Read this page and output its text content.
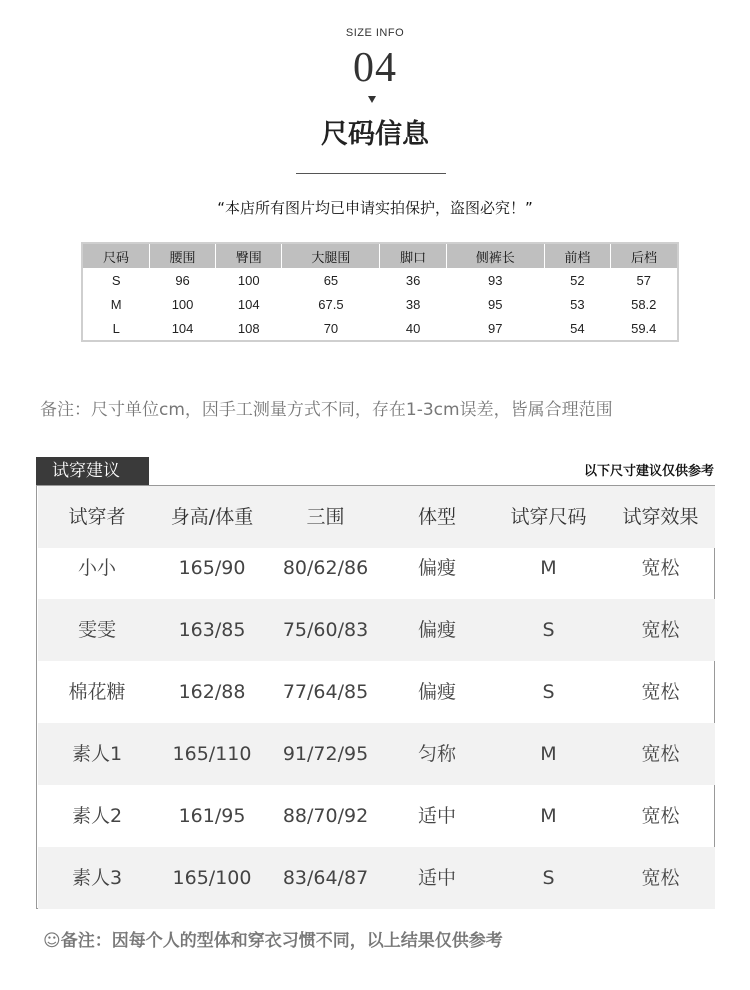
SIZE INFO
04
尺码信息
“本店所有图片均已申请实拍保护，盗图必究！”
尺码	腰围	臀围	大腿围	脚口	侧裤长	前档	后档
S	96	100	65	36	93	52	57
M	100	104	67.5	38	95	53	58.2
L	104	108	70	40	97	54	59.4
备注：尺寸单位cm，因手工测量方式不同，存在1-3cm误差，皆属合理范围
试穿建议	以下尺寸建议仅供参考
试穿者	身高/体重	三围	体型	试穿尺码	试穿效果
小小	165/90	80/62/86	偏瘦	M	宽松
雯雯	163/85	75/60/83	偏瘦	S	宽松
棉花糖	162/88	77/64/85	偏瘦	S	宽松
素人1	165/110	91/72/95	匀称	M	宽松
素人2	161/95	88/70/92	适中	M	宽松
素人3	165/100	83/64/87	适中	S	宽松
☺备注：因每个人的型体和穿衣习惯不同，以上结果仅供参考
